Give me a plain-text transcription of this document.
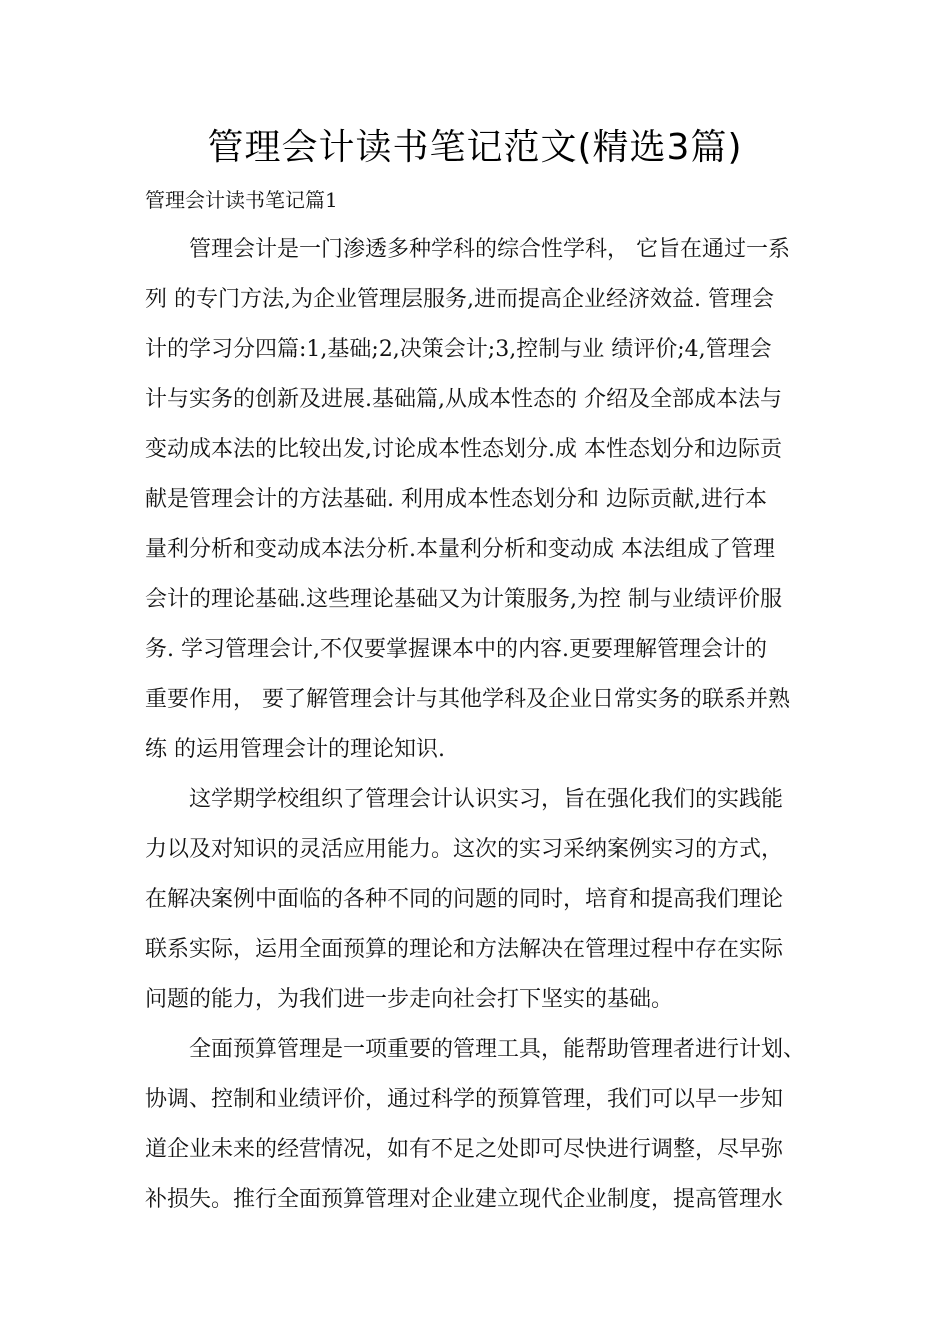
管理会计读书笔记范文(精选3篇)

管理会计读书笔记篇1

管理会计是一门渗透多种学科的综合性学科， 它旨在通过一系
列 的专门方法,为企业管理层服务,进而提高企业经济效益. 管理会
计的学习分四篇:1,基础;2,决策会计;3,控制与业 绩评价;4,管理会
计与实务的创新及进展.基础篇,从成本性态的 介绍及全部成本法与
变动成本法的比较出发,讨论成本性态划分.成 本性态划分和边际贡
献是管理会计的方法基础. 利用成本性态划分和 边际贡献,进行本
量利分析和变动成本法分析.本量利分析和变动成 本法组成了管理
会计的理论基础.这些理论基础又为计策服务,为控 制与业绩评价服
务. 学习管理会计,不仅要掌握课本中的内容.更要理解管理会计的
重要作用， 要了解管理会计与其他学科及企业日常实务的联系并熟
练 的运用管理会计的理论知识.
这学期学校组织了管理会计认识实习，旨在强化我们的实践能
力以及对知识的灵活应用能力。这次的实习采纳案例实习的方式，
在解决案例中面临的各种不同的问题的同时，培育和提高我们理论
联系实际，运用全面预算的理论和方法解决在管理过程中存在实际
问题的能力，为我们进一步走向社会打下坚实的基础。
全面预算管理是一项重要的管理工具，能帮助管理者进行计划、
协调、控制和业绩评价，通过科学的预算管理，我们可以早一步知
道企业未来的经营情况，如有不足之处即可尽快进行调整，尽早弥
补损失。推行全面预算管理对企业建立现代企业制度，提高管理水
